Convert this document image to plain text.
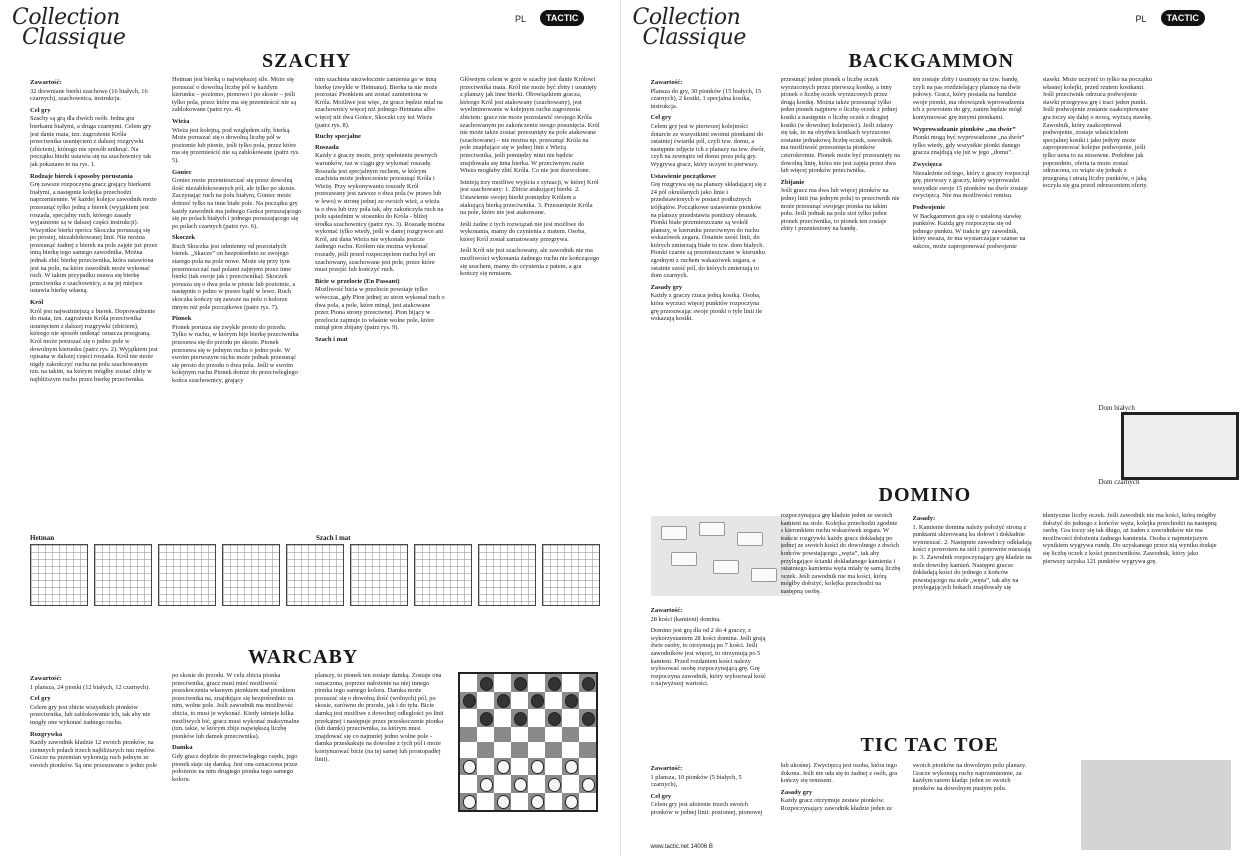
Collection
Classique
PL	TACTIC
SZACHY
Zawartość:

32 drewniane bierki szachowe (16 białych, 16 czarnych), szachownica, instrukcja.

Cel gry

Szachy są grą dla dwóch osób. Jedna gra bierkami białymi, a druga czarnymi. Celem gry jest danie mata, tzn. zagrożenie Króla przeciwnika usunięciem z dalszej rozgrywki (zbiciem), którego nie sposób uniknąć. Na początku bierki ustawia się na szachownicy tak jak pokazano to na rys. 1.

Rodzaje bierek i sposoby poruszania

Grę zawsze rozpoczyna gracz grający bierkami białymi, a następnie kolejka przechodzi naprzemiennie. W każdej kolejce zawodnik może przesunąć tylko jedną z bierek (wyjątkiem jest roszada, specjalny ruch, którego zasady wyjaśnione są w dalszej części instrukcji). Wszystkie bierki oprócz Skoczka poruszają się po prostej, niezablokowanej linii. Nie można przesunąć żadnej z bierek na pole zajęte już przez inną bierkę tego samego zawodnika. Można jednak zbić bierkę przeciwnika, która ustawiona jest na polu, na które zawodnik może wykonać ruch. W takim przypadku usuwa się bierkę przeciwnika z szachownicy, a na jej miejsce ustawia bierkę własną.

Król

Król jest najważniejszą z bierek. Doprowadzenie do mata, tzn. zagrożenie Króla przeciwnika usunięciem z dalszej rozgrywki (zbiciem), którego nie sposób uniknąć oznacza przegraną. Król może poruszać się o jedno pole w dowolnym kierunku (patrz rys. 2). Wyjątkiem jest opisana w dalszej części roszada. Król nie może nigdy zakończyć ruchu na polu szachowanym tzn. na takim, na którym mógłby zostać zbity w najbliższym ruchu przez bierkę przeciwnika.

Hetman jest bierką o największej sile. Może się poruszać o dowolną liczbę pól w każdym kierunku – poziomo, pionowo i po skosie – jeśli tylko pola, przez które ma się przemieścić nie są zablokowane (patrz rys. 4).

Wieża

Wieża jest kolejną, pod względem siły, bierką. Może poruszać się o dowolną liczbę pól w poziomie lub pionie, jeśli tylko pola, przez które ma się przemieścić nie są zablokowane (patrz rys. 5).

Goniec

Goniec może przemieszczać się przez dowolną ilość niezablokowanych pól, ale tylko po skosie. Zaczynając ruch na polu białym, Goniec może dotrzeć tylko na inne białe pole. Na początku gry każdy zawodnik ma jednego Gońca poruszającego się po polach białych i jednego poruszającego się po polach czarnych (patrz rys. 6).

Skoczek

Ruch Skoczka jest odmienny od pozostałych bierek. „Skacze” on bezpośrednio ze swojego starego pola na pole nowe. Może się przy tym przemieszczać nad polami zajętymi przez inne bierki (tak swoje jak i przeciwnika). Skoczek porusza się o dwa pola w pionie lub poziomie, a następnie o jedno w prawo bądź w lewo. Ruch skoczka kończy się zawsze na polu o kolorze innym niż pole początkowe (patrz rys. 7).

Pionek

Pionek porusza się zwykle prosto do przodu. Tylko w ruchu, w którym bije bierkę przeciwnika przesuwa się do przodu po skosie. Pionek przesuwa się w jednym ruchu o jedno pole. W swoim pierwszym ruchu może jednak przesunąć się prosto do przodu o dwa pola. Jeśli w swoim kolejnym ruchu Pionek dotrze do przeciwległego końca szachownicy, grający

nim szachista niezwłocznie zamienia go w inną bierkę (zwykle w Hetmana). Bierka ta nie może pozostać Pionkiem ani zostać zamieniona w Króla. Możliwe jest więc, że gracz będzie miał na szachownicy więcej niż jednego Hetmana albo więcej niż dwa Gońce, Skoczki czy też Wieże (patrz rys. 8).

Ruchy specjalne
Roszada

Każdy z graczy może, przy spełnieniu pewnych warunków, raz w ciągu gry wykonać roszadę. Roszada jest specjalnym ruchem, w którym szachista może jednocześnie przesunąć Króla i Wieżę. Przy wykonywaniu roszady Król przesuwany jest zawsze o dwa pola (w prawo lub w lewo) w stronę jednej ze swoich wież, a wieża ta o dwa lub trzy pola tak, aby zakończyła ruch na polu sąsiednim w stosunku do Króla - bliżej środka szachownicy (patrz rys. 3). Roszadę można wykonać tylko wtedy, jeśli w danej rozgrywce ani Król, ani dana Wieża nie wykonała jeszcze żadnego ruchu. Królem nie można wykonać roszady, jeśli przed rozpoczęciem ruchu był on szachowany, szachowane jest pole, przez które musi przejść lub kończyć ruch.

Bicie w przelocie (En Passant)

Możliwość bicia w przelocie powstaje tylko wówczas, gdy Pion jednej ze stron wykonał ruch o dwa pola, a pole, które minął, jest atakowane przez Piona strony przeciwnej. Pion bijący w przelocie zajmuje to właśnie wolne pole, które minął pion zbijany (patrz rys. 9).

Szach i mat

Głównym celem w grze w szachy jest danie Królowi przeciwnika mata. Król nie może być zbity i usunięty z planszy jak inne bierki. Obowiązkiem gracza, którego Król jest atakowany (szachowany), jest wyeliminowanie w kolejnym ruchu zagrożenia zbiciem: gracz nie może pozostawić swojego Króla szachowanym po zakończeniu swego posunięcia. Król nie może także zostać przesunięty na pole atakowane (szachowane) – nie można np. przesunąć Króla na pole znajdujące się w jednej linii z Wieżą przeciwnika, jeśli pomiędzy nimi nie będzie znajdowała się inna bierka. W przeciwnym razie Wieża mogłaby zbić Króla. Co nie jest dozwolone.

Istnieją trzy możliwe wyjścia z sytuacji, w której Król jest szachowany: 1. Zbicie atakującej bierki. 2. Ustawienie swojej bierki pomiędzy Królem a atakującą bierką przeciwnika. 3. Przesunięcie Króla na pole, które nie jest atakowane.

Jeśli żadne z tych rozwiązań nie jest możliwe do wykonania, mamy do czynienia z matem. Osoba, której Król został zamatowany przegrywa.

Jeśli Król nie jest szachowany, ale zawodnik nie ma możliwości wykonania żadnego ruchu nie kończącego się szachem, mamy do czynienia z patem, a gra kończy się remisem.

Hetman	Szach i mat
WARCABY
Zawartość:

1 plansza, 24 pionki (12 białych, 12 czarnych).

Cel gry

Celem gry jest zbicie wszystkich pionków przeciwnika, lub zablokowanie ich, tak aby nie mogły one wykonać żadnego ruchu.

Rozgrywka

Każdy zawodnik kładzie 12 swoich pionków, na ciemnych polach trzech najbliższych mu rzędów. Gracze na przemian wykonują ruch jednym ze swoich pionków. Są one przesuwane o jedno pole

po skosie do przodu. W celu zbicia pionka przeciwnika, gracz musi mieć możliwość przeskoczenia własnym pionkiem nad pionkiem przeciwnika na, znajdujące się bezpośrednio za nim, wolne pole. Jeśli zawodnik ma możliwość zbicia, to musi je wykonać. Kiedy istnieje kilka możliwych bić, gracz musi wykonać maksymalne (tzn. takie, w którym zbije największą liczbę pionków lub damek przeciwnika).

Damka

Gdy gracz dojdzie do przeciwległego rzędu, jego pionek staje się damką. Jest ona oznaczona przez położenie na nim drugiego pionka tego samego koloru.

planszy, to pionek ten zostaje damką. Zostaje ona oznaczona, poprzez nałożenie na niej innego pionka tego samego koloru. Damka może poruszać się o dowolną ilość (wolnych) pól, po skosie, zarówno do przodu, jak i do tyłu. Bicie damką jest możliwe z dowolnej odległości po linii przekątnej i następuje przez przeskoczenie pionka (lub damki) przeciwnika, za którym musi znajdować się co najmniej jedno wolne pole - damka przeskakuje na dowolne z tych pól i może kontynuować bicie (na tej samej lub prostopadłej linii).

Collection
Classique
PL	TACTIC
BACKGAMMON
Zawartość:

Plansza do gry, 30 pionków (15 białych, 15 czarnych), 2 kostki, 1 specjalna kostka, instrukcja.

Cel gry

Celem gry jest w pierwszej kolejności dotarcie ze wszystkimi swoimi pionkami do ostatniej ćwiartki pól, czyli tzw. domu, a następnie zdjęcie ich z planszy na tzw. dwór, czyli na zewnątrz od domu poza polą gry. Wygrywa gracz, który uczyni to pierwszy.

Ustawienie początkowe

Grę rozgrywa się na planszy składającej się z 24 pól określanych jako linie i przedstawionych w postaci podłużnych trójkątów. Początkowe ustawienie pionków na planszy przedstawia poniższy obrazek. Pionki białe przemieszczane są wokół planszy, w kierunku przeciwnym do ruchu wskazówek zegara. Ostatnie sześć linii, do których zmierzają białe to tzw. dom białych. Pionki czarne są przemieszczane w kierunku zgodnym z ruchem wskazówek zegara, a ostatnie sześć pól, do których zmierzają to dom czarnych.

Zasady gry

Każdy z graczy rzuca jedną kostką. Osoba, która wyrzuci więcej punktów rozpoczyna grę przesuwając swoje pionki o tyle linii ile wskazują kostki.

przesunąć jeden pionek o liczbę oczek wyrzuconych przez pierwszą kostkę, a inny pionek o liczbę oczek wyrzuconych przez drugą kostkę. Można także przesunąć tylko jeden pionek najpierw o liczbę oczek z jednej kostki a następnie o liczbę oczek z drugiej kostki (w dowolnej kolejności). Jeśli zdarzy się tak, że na obydwu kostkach wyrzucono zostanie jednakową liczbę oczek, zawodnik ma możliwość przesunięcia pionków czterokrotnie. Pionek może być przesunięty na dowolną linię, która nie jest zajęta przez dwa lub więcej pionków przeciwnika.

Zbijanie

Jeśli gracz ma dwa lub więcej pionków na jednej linii (na jednym polu) to przeciwnik nie może przesunąć swojego pionka na takim polu. Jeśli jednak na polu stoi tylko jeden pionek przeciwnika, to pionek ten zostaje zbity i przeniesiony na bandę.

ten zostaje zbity i usunięty na tzw. bandę, czyli na pas rozdzielający planszę na dwie połowy. Gracz, który posiada na bandzie swoje pionki, ma obowiązek wprowadzenia ich z powrotem do gry, zanim będzie mógł kontynuować grę innymi pionkami.

Wyprowadzanie pionków „na dwór”

Pionki mogą być wyprowadzone „na dwór” tylko wtedy, gdy wszystkie pionki danego gracza znajdują się już w jego „domu”.

Zwycięzca

Niezależnie od tego, który z graczy rozpoczął grę, pierwszy z graczy, który wyprowadzi wszystkie swoje 15 pionków na dwór zostaje zwycięzcą. Nie ma możliwości remisu.

Podwojenie

W Backgammon gra się o ustaloną stawkę punktów. Każdą grę rozpoczyna się od jednego punktu. W trakcie gry zawodnik, który uważa, że ma wystarczające szanse na sukces, może zaproponować podwojenie

stawki. Może uczynić to tylko na początku własnej kolejki, przed rzutem kostkami. Jeśli przeciwnik odrzuca podwojenie stawki przegrywa grę i traci jeden punkt. Jeśli podwojenie zostanie zaakceptowane gra toczy się dalej o nową, wyższą stawkę. Zawodnik, który zaakceptował podwojenie, zostaje właścicielem specjalnej kostki i jako jedyny może zaproponować kolejne podwojenie, jeśli tylko uzna to za stosowne. Podobne jak poprzednio, oferta ta może zostać odrzucona, co wiąże się jednak z przegraną i utratą liczby punktów, o jaką toczyła się gra przed odrzuceniem oferty.

Dom białych
Dom czarnych
DOMINO
Zawartość:

28 kości (kamieni) domina.

Domino jest grą dla od 2 do 4 graczy, z wykorzystaniem 28 kości domina. Jeśli grają dwie osoby, to otrzymują po 7 kości. Jeśli zawodników jest więcej, to otrzymują po 5 kamieni. Przed rozdaniem kości należy wylosować osobę rozpoczynającą grę. Grę rozpoczyna zawodnik, który wylosował kość o najwyższej wartości.

rozpoczynająca grę kładzie jeden ze swoich kamieni na stole. Kolejka przechodzi zgodnie z kierunkiem ruchu wskazówek zegara. W trakcie rozgrywki każdy gracz dokładają po jednej ze swoich kości do dowolnego z dwóch końców powstającego „węża”, tak aby przylegające ścianki dokładanego kamienia i ostatniego kamienia węża miały tę samą liczbę oczek. Jeśli zawodnik nie ma kości, którą mógłby dołożyć, kolejka przechodzi na następną osobę.

Zasady:

1. Kamienie domina należy położyć stroną z punktami skierowaną ku dołowi i dokładnie wymieszać. 2. Następnie zawodnicy odkładają kości z powrotem na stół i ponownie mieszają je. 3. Zawodnik rozpoczynający grę kładzie na stole dowolny kamień. Następni gracze dokładają kości do jednego z końców powstającego na stole „węża”, tak aby na przylegających bokach znajdowały się

identyczne liczby oczek. Jeśli zawodnik nie ma kości, którą mógłby dołożyć do jednego z końców węża, kolejka przechodzi na następną osobę. Gra toczy się tak długo, aż żaden z zawodników nie ma możliwości dołożenia żadnego kamienia. Osoba z najmniejszym wynikiem wygrywa rundę. Do uzyskanego przez nią wyniku dodaje się liczbę oczek z kości przeciwników. Zawodnik, który jako pierwszy uzyska 121 punktów wygrywa grę.

TIC TAC TOE
Zawartość:

1 plansza, 10 pionków (5 białych, 5 czarnych),

Cel gry

Celem gry jest ułożenie trzech swoich pionków w jednej linii: poziomej, pionowej

lub ukośnej. Zwycięzcą jest osoba, która tego dokona. Jeśli nie uda się to żadnej z osób, gra kończy się remisem.

Zasady gry

Każdy gracz otrzymuje zestaw pionków. Rozpoczynający zawodnik kładzie jeden ze

swoich pionków na dowolnym polu planszy. Gracze wykonują ruchy naprzemiennie, za każdym razem kładąc jeden ze swoich pionków na dowolnym pustym polu.

www.tactic.net 14006 B
